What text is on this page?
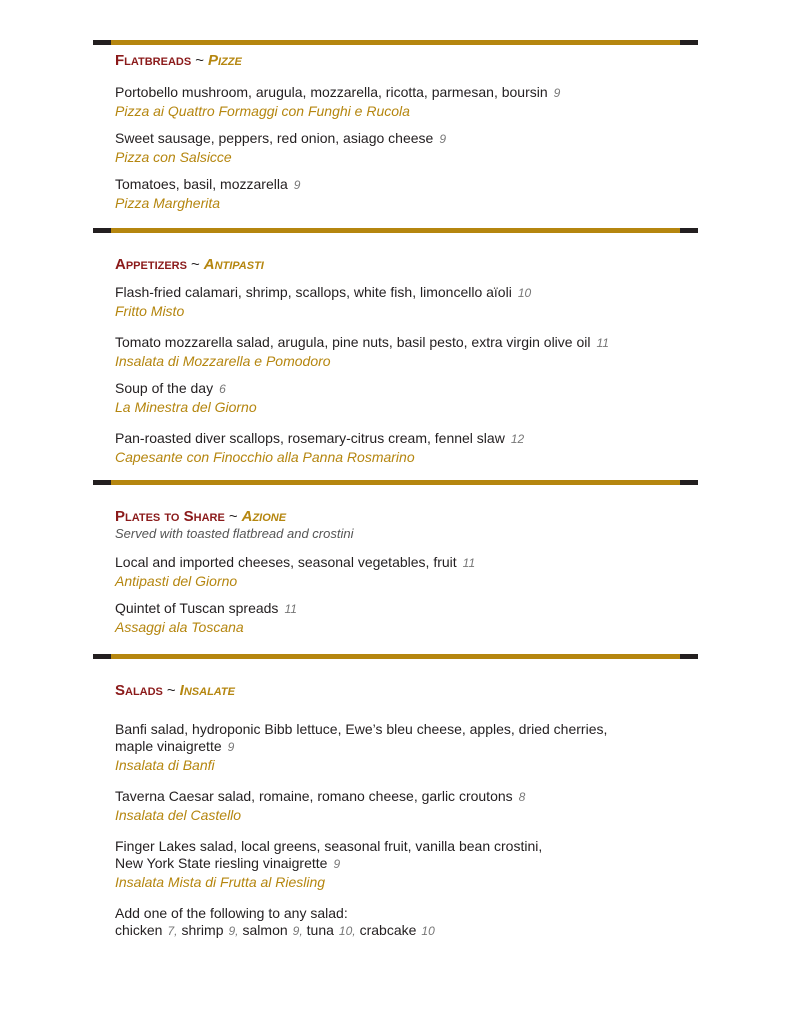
Flatbreads ~ Pizze
Portobello mushroom, arugula, mozzarella, ricotta, parmesan, boursin 9
Pizza ai Quattro Formaggi con Funghi e Rucola
Sweet sausage, peppers, red onion, asiago cheese 9
Pizza con Salsicce
Tomatoes, basil, mozzarella 9
Pizza Margherita
Appetizers ~ Antipasti
Flash-fried calamari, shrimp, scallops, white fish, limoncello aïoli 10
Fritto Misto
Tomato mozzarella salad, arugula, pine nuts, basil pesto, extra virgin olive oil 11
Insalata di Mozzarella e Pomodoro
Soup of the day 6
La Minestra del Giorno
Pan-roasted diver scallops, rosemary-citrus cream, fennel slaw 12
Capesante con Finocchio alla Panna Rosmarino
Plates to Share ~ Azione
Served with toasted flatbread and crostini
Local and imported cheeses, seasonal vegetables, fruit 11
Antipasti del Giorno
Quintet of Tuscan spreads 11
Assaggi ala Toscana
Salads ~ Insalate
Banfi salad, hydroponic Bibb lettuce, Ewe’s bleu cheese, apples, dried cherries,
maple vinaigrette 9
Insalata di Banfi
Taverna Caesar salad, romaine, romano cheese, garlic croutons 8
Insalata del Castello
Finger Lakes salad, local greens, seasonal fruit, vanilla bean crostini,
New York State riesling vinaigrette 9
Insalata Mista di Frutta al Riesling
Add one of the following to any salad:
chicken 7, shrimp 9, salmon 9, tuna 10, crabcake 10
